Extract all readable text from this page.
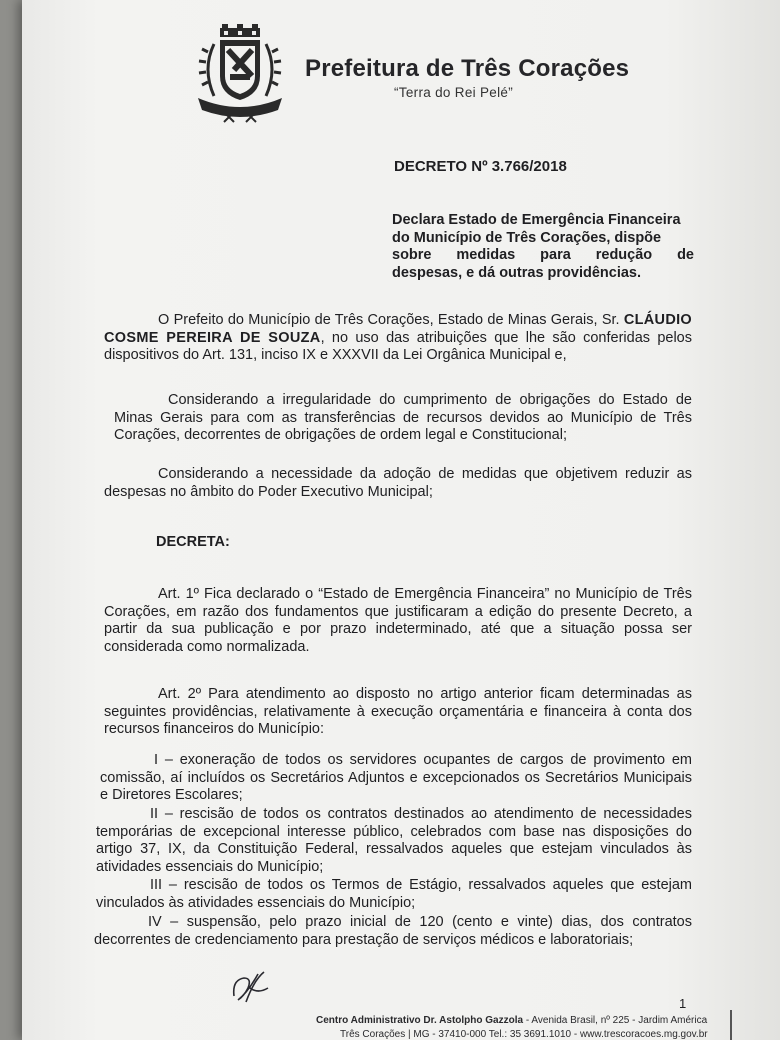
Prefeitura de Três Corações
“Terra do Rei Pelé”
DECRETO Nº 3.766/2018
Declara Estado de Emergência Financeira
do Município de Três Corações, dispõe
sobre medidas para redução de
despesas, e dá outras providências.
O Prefeito do Município de Três Corações, Estado de Minas Gerais, Sr. CLÁUDIO COSME PEREIRA DE SOUZA, no uso das atribuições que lhe são conferidas pelos dispositivos do Art. 131, inciso IX e XXXVII da Lei Orgânica Municipal e,
Considerando a irregularidade do cumprimento de obrigações do Estado de Minas Gerais para com as transferências de recursos devidos ao Município de Três Corações, decorrentes de obrigações de ordem legal e Constitucional;
Considerando a necessidade da adoção de medidas que objetivem reduzir as despesas no âmbito do Poder Executivo Municipal;
DECRETA:
Art. 1º Fica declarado o “Estado de Emergência Financeira” no Município de Três Corações, em razão dos fundamentos que justificaram a edição do presente Decreto, a partir da sua publicação e por prazo indeterminado, até que a situação possa ser considerada como normalizada.
Art. 2º Para atendimento ao disposto no artigo anterior ficam determinadas as seguintes providências, relativamente à execução orçamentária e financeira à conta dos recursos financeiros do Município:
I – exoneração de todos os servidores ocupantes de cargos de provimento em comissão, aí incluídos os Secretários Adjuntos e excepcionados os Secretários Municipais e Diretores Escolares;
II – rescisão de todos os contratos destinados ao atendimento de necessidades temporárias de excepcional interesse público, celebrados com base nas disposições do artigo 37, IX, da Constituição Federal, ressalvados aqueles que estejam vinculados às atividades essenciais do Município;
III – rescisão de todos os Termos de Estágio, ressalvados aqueles que estejam vinculados às atividades essenciais do Município;
IV – suspensão, pelo prazo inicial de 120 (cento e vinte) dias, dos contratos decorrentes de credenciamento para prestação de serviços médicos e laboratoriais;
1
Centro Administrativo Dr. Astolpho Gazzola - Avenida Brasil, nº 225 - Jardim América
Três Corações | MG - 37410-000 Tel.: 35 3691.1010 - www.trescoracoes.mg.gov.br
